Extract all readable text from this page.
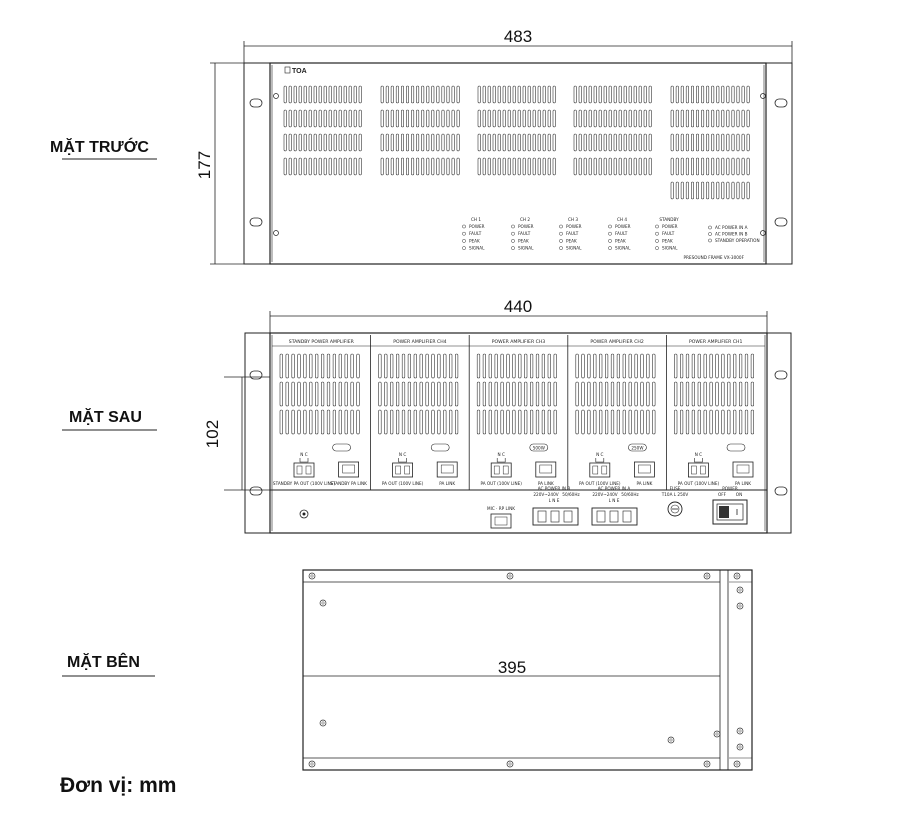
483
177
TOA
CH 1
POWER
FAULT
PEAK
SIGNAL
CH 2
POWER
FAULT
PEAK
SIGNAL
CH 3
POWER
FAULT
PEAK
SIGNAL
CH 4
POWER
FAULT
PEAK
SIGNAL
STANDBY
POWER
FAULT
PEAK
SIGNAL
AC POWER IN A
AC POWER IN B
STANDBY OPERATION
PRESOUND FRAME VX-3000F
MẶT TRƯỚC
440
102
STANDBY POWER AMPLIFIER
N C
STANDBY PA OUT (100V LINE)
STANDBY PA LINK
POWER AMPLIFIER CH4
N C
PA OUT (100V LINE)	PA LINK
POWER AMPLIFIER CH3
500W
N C
PA OUT (100V LINE)	PA LINK
POWER AMPLIFIER CH2
250W
N C
PA OUT (100V LINE)	PA LINK
POWER AMPLIFIER CH1
N C
PA OUT (100V LINE)	PA LINK
MIC · RP LINK
AC POWER IN B
220V~240V 50/60Hz
L N E
AC POWER IN A
220V~240V 50/60Hz
L N E
FUSE
T10A L 250V
POWER
OFF ON
MẶT SAU
395
MẶT BÊN
Đơn vị: mm
